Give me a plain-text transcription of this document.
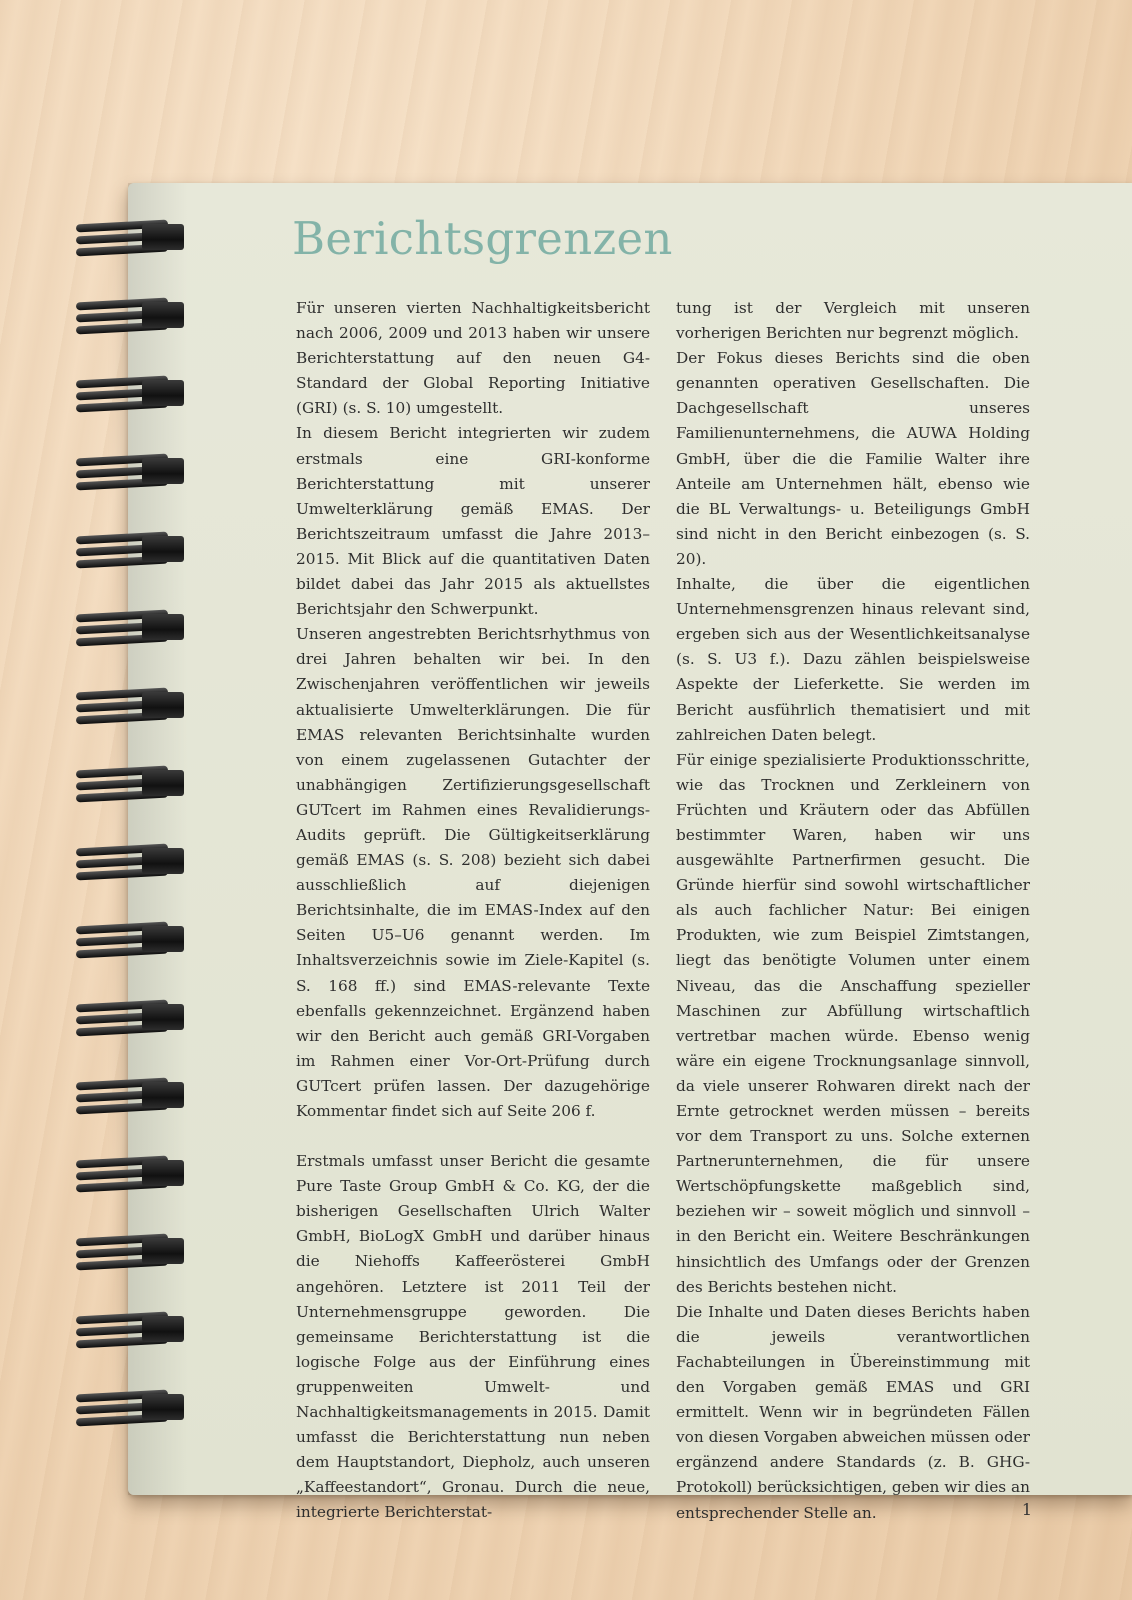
Berichtsgrenzen

Für unseren vierten Nachhaltigkeitsbericht nach 2006, 2009 und 2013 haben wir unsere Berichterstattung auf den neuen G4-Standard der Global Reporting Initiative (GRI) (s. S. 10) umgestellt.

In diesem Bericht integrierten wir zudem erstmals eine GRI-konforme Berichterstattung mit unserer Umwelterklärung gemäß EMAS. Der Berichtszeitraum umfasst die Jahre 2013–2015. Mit Blick auf die quantitativen Daten bildet dabei das Jahr 2015 als aktuellstes Berichtsjahr den Schwerpunkt.

Unseren angestrebten Berichtsrhythmus von drei Jahren behalten wir bei. In den Zwischenjahren veröffentlichen wir jeweils aktualisierte Umwelterklärungen. Die für EMAS relevanten Berichtsinhalte wurden von einem zugelassenen Gutachter der unabhängigen Zertifizierungsgesellschaft GUTcert im Rahmen eines Revalidierungs-Audits geprüft. Die Gültigkeitserklärung gemäß EMAS (s. S. 208) bezieht sich dabei ausschließlich auf diejenigen Berichtsinhalte, die im EMAS-Index auf den Seiten U5–U6 genannt werden. Im Inhaltsverzeichnis sowie im Ziele-Kapitel (s. S. 168 ff.) sind EMAS-relevante Texte ebenfalls gekennzeichnet. Ergänzend haben wir den Bericht auch gemäß GRI-Vorgaben im Rahmen einer Vor-Ort-Prüfung durch GUTcert prüfen lassen. Der dazugehörige Kommentar findet sich auf Seite 206 f.

Erstmals umfasst unser Bericht die gesamte Pure Taste Group GmbH & Co. KG, der die bisherigen Gesellschaften Ulrich Walter GmbH, BioLogX GmbH und darüber hinaus die Niehoffs Kaffeerösterei GmbH angehören. Letztere ist 2011 Teil der Unternehmensgruppe geworden. Die gemeinsame Berichterstattung ist die logische Folge aus der Einführung eines gruppenweiten Umwelt- und Nachhaltigkeitsmanagements in 2015. Damit umfasst die Berichterstattung nun neben dem Hauptstandort, Diepholz, auch unseren „Kaffeestandort“, Gronau. Durch die neue, integrierte Berichterstat-

tung ist der Vergleich mit unseren vorherigen Berichten nur begrenzt möglich.

Der Fokus dieses Berichts sind die oben genannten operativen Gesellschaften. Die Dachgesellschaft unseres Familienunternehmens, die AUWA Holding GmbH, über die die Familie Walter ihre Anteile am Unternehmen hält, ebenso wie die BL Verwaltungs- u. Beteiligungs GmbH sind nicht in den Bericht einbezogen (s. S. 20).

Inhalte, die über die eigentlichen Unternehmensgrenzen hinaus relevant sind, ergeben sich aus der Wesentlichkeitsanalyse (s. S. U3 f.). Dazu zählen beispielsweise Aspekte der Lieferkette. Sie werden im Bericht ausführlich thematisiert und mit zahlreichen Daten belegt.

Für einige spezialisierte Produktionsschritte, wie das Trocknen und Zerkleinern von Früchten und Kräutern oder das Abfüllen bestimmter Waren, haben wir uns ausgewählte Partnerfirmen gesucht. Die Gründe hierfür sind sowohl wirtschaftlicher als auch fachlicher Natur: Bei einigen Produkten, wie zum Beispiel Zimtstangen, liegt das benötigte Volumen unter einem Niveau, das die Anschaffung spezieller Maschinen zur Abfüllung wirtschaftlich vertretbar machen würde. Ebenso wenig wäre ein eigene Trocknungsanlage sinnvoll, da viele unserer Rohwaren direkt nach der Ernte getrocknet werden müssen – bereits vor dem Transport zu uns. Solche externen Partnerunternehmen, die für unsere Wertschöpfungskette maßgeblich sind, beziehen wir – soweit möglich und sinnvoll – in den Bericht ein. Weitere Beschränkungen hinsichtlich des Umfangs oder der Grenzen des Berichts bestehen nicht.

Die Inhalte und Daten dieses Berichts haben die jeweils verantwortlichen Fachabteilungen in Übereinstimmung mit den Vorgaben gemäß EMAS und GRI ermittelt. Wenn wir in begründeten Fällen von diesen Vorgaben abweichen müssen oder ergänzend andere Standards (z. B. GHG-Protokoll) berücksichtigen, geben wir dies an entsprechender Stelle an.	1
